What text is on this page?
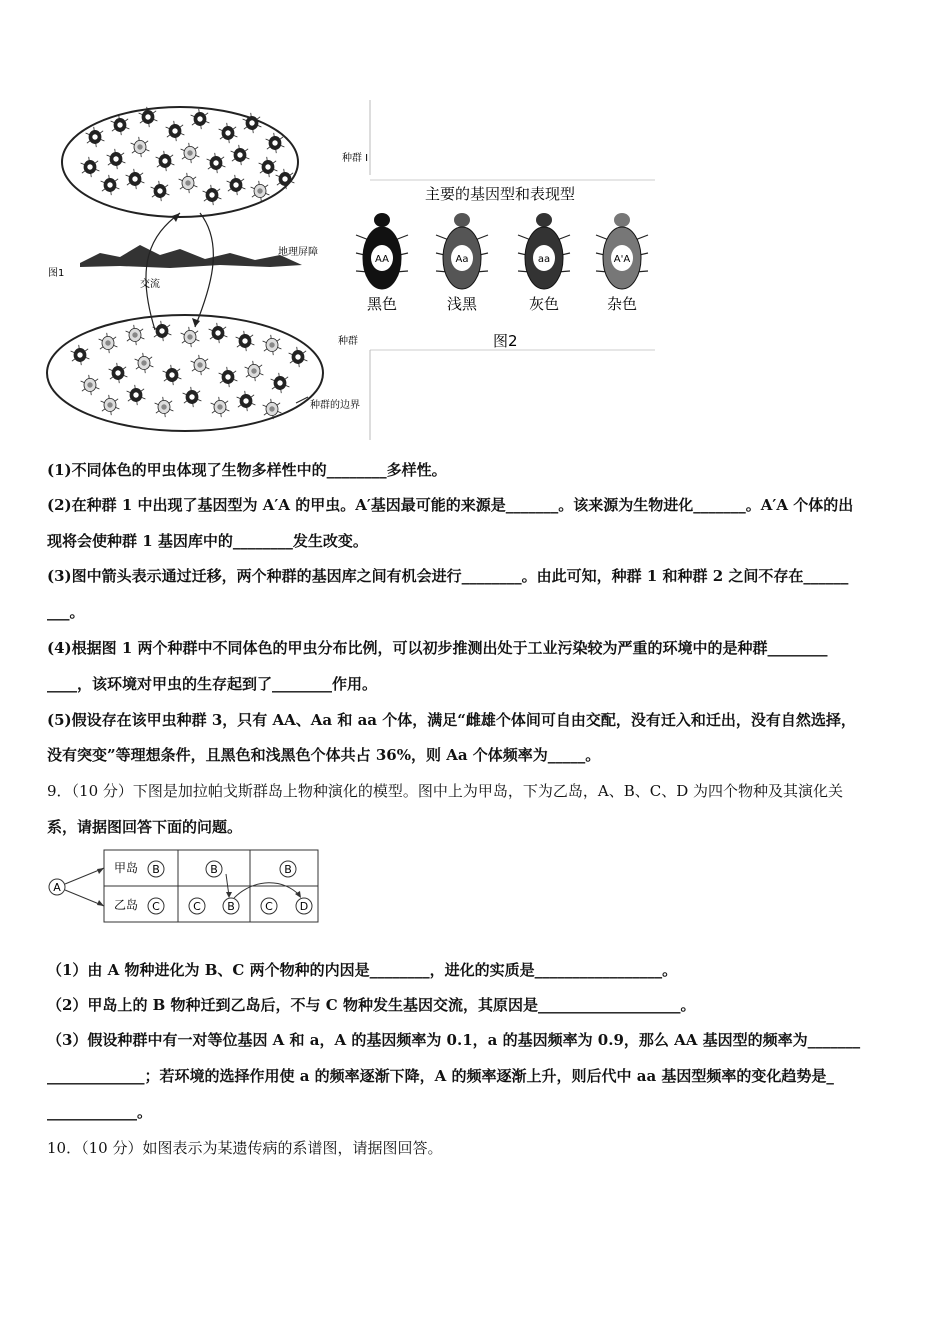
交流
地理屏障
图1
种群 I
种群
种群的边界
主要的基因型和表现型
AA
黑色
Aa
浅黑
aa
灰色
A'A
杂色
图2
(1)不同体色的甲虫体现了生物多样性中的________多样性。
(2)在种群 1 中出现了基因型为 A′A 的甲虫。A′基因最可能的来源是_______。该来源为生物进化_______。A′A 个体的出
现将会使种群 1 基因库中的________发生改变。
(3)图中箭头表示通过迁移，两个种群的基因库之间有机会进行________。由此可知，种群 1 和种群 2 之间不存在______
___。
(4)根据图 1 两个种群中不同体色的甲虫分布比例，可以初步推测出处于工业污染较为严重的环境中的是种群________
____，该环境对甲虫的生存起到了________作用。
(5)假设存在该甲虫种群 3，只有 AA、Aa 和 aa 个体，满足“雌雄个体间可自由交配，没有迁入和迁出，没有自然选择，
没有突变”等理想条件，且黑色和浅黑色个体共占 36%，则 Aa 个体频率为_____。
9．（10 分）下图是加拉帕戈斯群岛上物种演化的模型。图中上为甲岛，下为乙岛，A、B、C、D 为四个物种及其演化关
系，请据图回答下面的问题。
A
甲岛
乙岛
B	B	B
C	C B	C D
（1）由 A 物种进化为 B、C 两个物种的内因是________，进化的实质是_________________。
（2）甲岛上的 B 物种迁到乙岛后，不与 C 物种发生基因交流，其原因是___________________。
（3）假设种群中有一对等位基因 A 和 a，A 的基因频率为 0.1，a 的基因频率为 0.9，那么 AA 基因型的频率为_______
_____________；若环境的选择作用使 a 的频率逐渐下降，A 的频率逐渐上升，则后代中 aa 基因型频率的变化趋势是_
____________。
10．（10 分）如图表示为某遗传病的系谱图，请据图回答。
